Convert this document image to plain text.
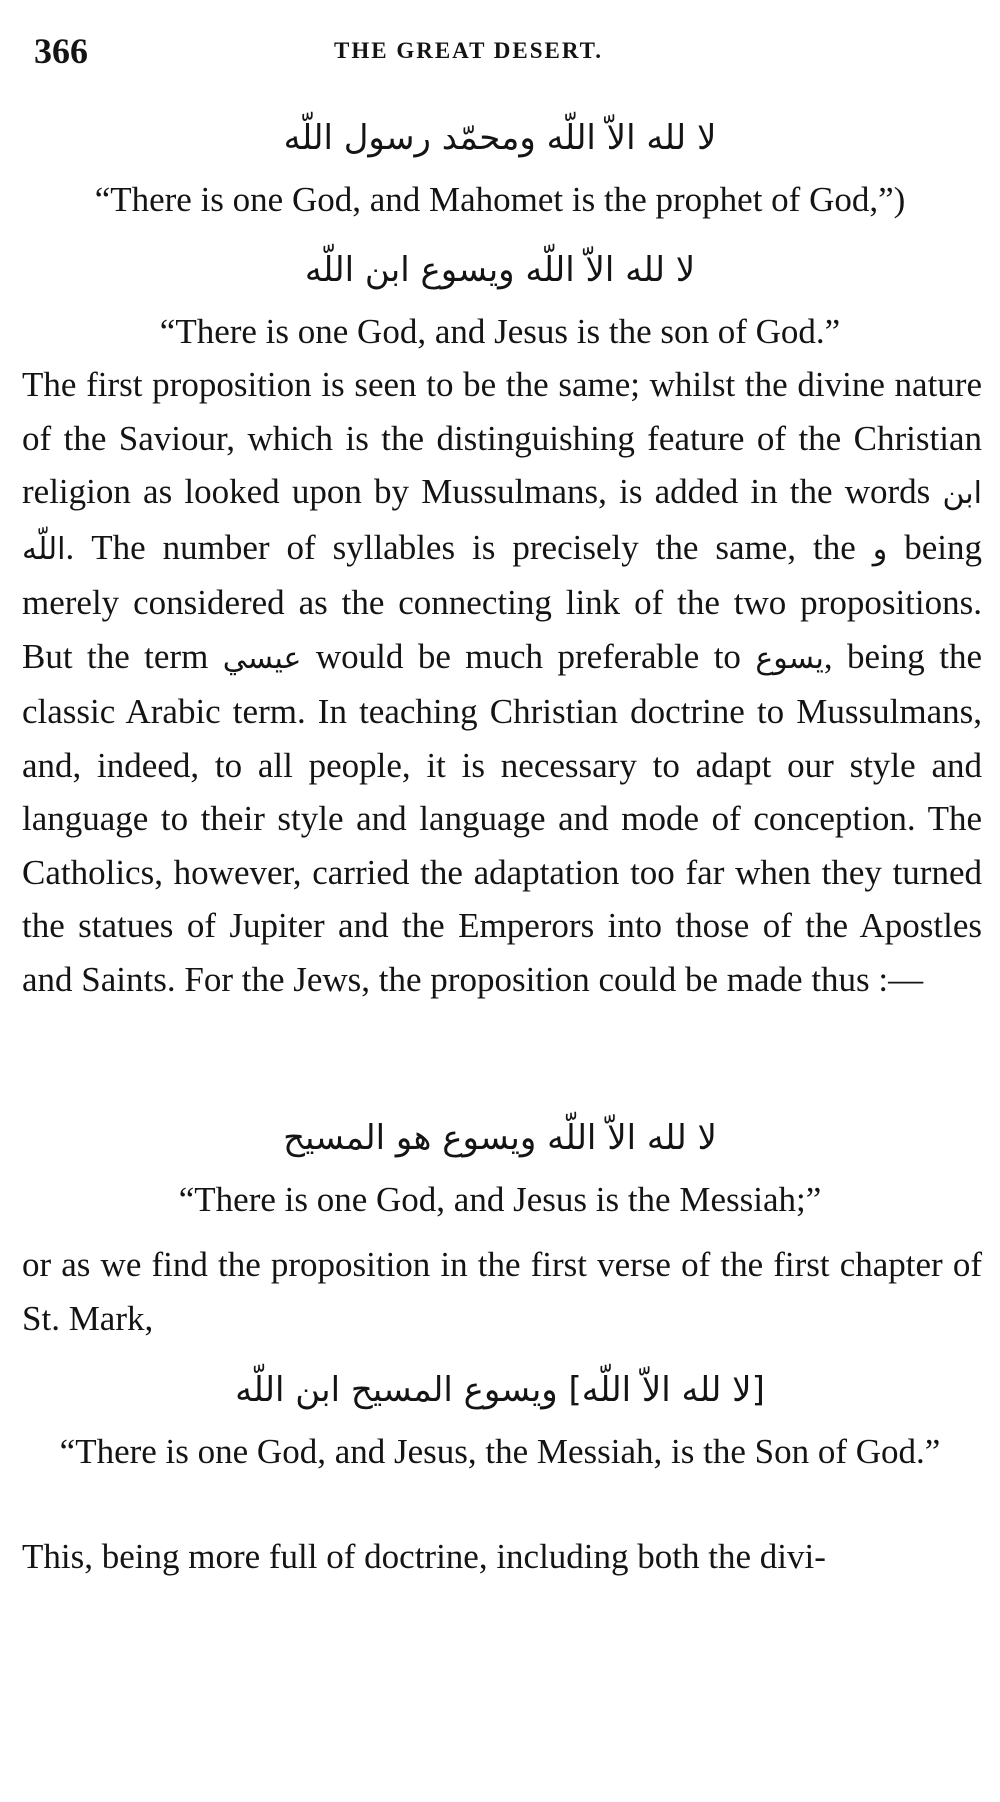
366	THE GREAT DESERT.
لا لله الاّ اللّه ومحمّد رسول اللّه
“There is one God, and Mahomet is the prophet of God,”)
لا لله الاّ اللّه ويسوع ابن اللّه
“There is one God, and Jesus is the son of God.”
The first proposition is seen to be the same; whilst the divine nature of the Saviour, which is the distinguishing feature of the Christian religion as looked upon by Mussulmans, is added in the words ابن اللّه. The number of syllables is precisely the same, the و being merely considered as the connecting link of the two propositions. But the term عيسي would be much preferable to يسوع, being the classic Arabic term. In teaching Christian doctrine to Mussulmans, and, indeed, to all people, it is necessary to adapt our style and language to their style and language and mode of conception. The Catholics, however, carried the adaptation too far when they turned the statues of Jupiter and the Emperors into those of the Apostles and Saints. For the Jews, the proposition could be made thus :—
لا لله الاّ اللّه ويسوع هو المسيح
“There is one God, and Jesus is the Messiah;”
or as we find the proposition in the first verse of the first chapter of St. Mark,
[لا لله الاّ اللّه] ويسوع المسيح ابن اللّه
“There is one God, and Jesus, the Messiah, is the Son of God.”
This, being more full of doctrine, including both the divi-
